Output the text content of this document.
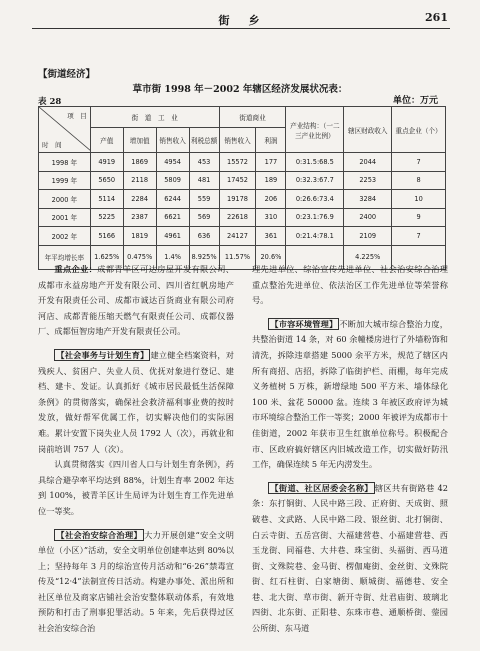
街　乡	261
【街道经济】
草市街 1998 年－2002 年辖区经济发展状况表：
表 28	单位：万元
项　目
时　间	街　道　工　业				街道商业		产业结构：（一二三产业比例）	辖区财政收入	重点企业（个）
	产值	增加值	销售收入	利税总额	销售收入	利润			
1998 年	4919	1869	4954	453	15572	177	0:31.5:68.5	2044	7
1999 年	5650	2118	5809	481	17452	189	0:32.3:67.7	2253	8
2000 年	5114	2284	6244	559	19178	206	0:26.6:73.4	3284	10
2001 年	5225	2387	6621	569	22618	310	0:23.1:76.9	2400	9
2002 年	5166	1819	4961	636	24127	361	0:21.4:78.1	2109	7
年平均增长率	1.625%	0.475%	1.4%	8.925%	11.57%	20.6%		4.225%	

重点企业：成都青羊区可达房屋开发有限公司、成都市永益房地产开发有限公司、四川省红帆房地产开发有限责任公司、成都市诚达百货商业有限公司府河店、成都青能压缩天燃气有限责任公司、成都仪器厂、成都恒智房地产开发有限责任公司。

【社会事务与计划生育】 建立健全档案资料，对残疾人、贫困户、失业人员、优抚对象进行登记、建档、建卡、发证。认真抓好《城市居民最低生活保障条例》的贯彻落实，确保社会救济福利事业费的按时发放，做好帮军优属工作，切实解决他们的实际困难。累计安置下岗失业人员 1792 人（次），再就业和岗前培训 757 人（次）。

认真贯彻落实《四川省人口与计划生育条例》，药具综合避孕率平均达到 88%，计划生育率 2002 年达到 100%，被青羊区计生局评为计划生育工作先进单位一等奖。

【社会治安综合治理】 大力开展创建“安全文明单位（小区）”活动，安全文明单位创建率达到 80%以上；坚持每年 3 月的综治宣传月活动和“6·26”禁毒宣传及“12·4”法制宣传日活动。构建办事处、派出所和社区单位及商家店铺社会治安整体联动体系，有效地预防和打击了刑事犯罪活动。5 年来，先后获得过区社会治安综合治

理先进单位、综治宣传先进单位、社会治安综合治理重点整治先进单位、依法治区工作先进单位等荣誉称号。

【市容环境管理】 不断加大城市综合整治力度，共整治街道 14 条，对 60 余幢楼房进行了外墙粉饰和清洗，拆除违章搭建 5000 余平方米，规范了辖区内所有商招、店招，拆除了临街护栏、雨棚，每年完成义务植树 5 万株，新增绿地 500 平方米、墙体绿化 100 米、盆花 50000 盆。连续 3 年被区政府评为城市环境综合整治工作一等奖；2000 年被评为成都市十佳街道，2002 年获市卫生红旗单位称号。积极配合市、区政府搞好辖区内旧城改造工作，切实做好防汛工作，确保连续 5 年无内涝发生。

【街道、社区居委会名称】 辖区共有街路巷 42 条：东打铜街、人民中路三段、正府街、天成街、照破巷、文武路、人民中路二段、银丝街、北打铜街、白云寺街、五岳宫街、大福建营巷、小福建营巷、西玉龙街、同福巷、大井巷、珠宝街、头福街、西马道街、文殊院巷、金马街、楞伽庵街、金丝街、文殊院街、红石柱街、白家塘街、顺城街、福德巷、安全巷、北大街、草市街、新开寺街、灶君庙街、玻璃北四街、北东街、正阳巷、东珠市巷、通顺桥街、蓥园公所街、东马道
